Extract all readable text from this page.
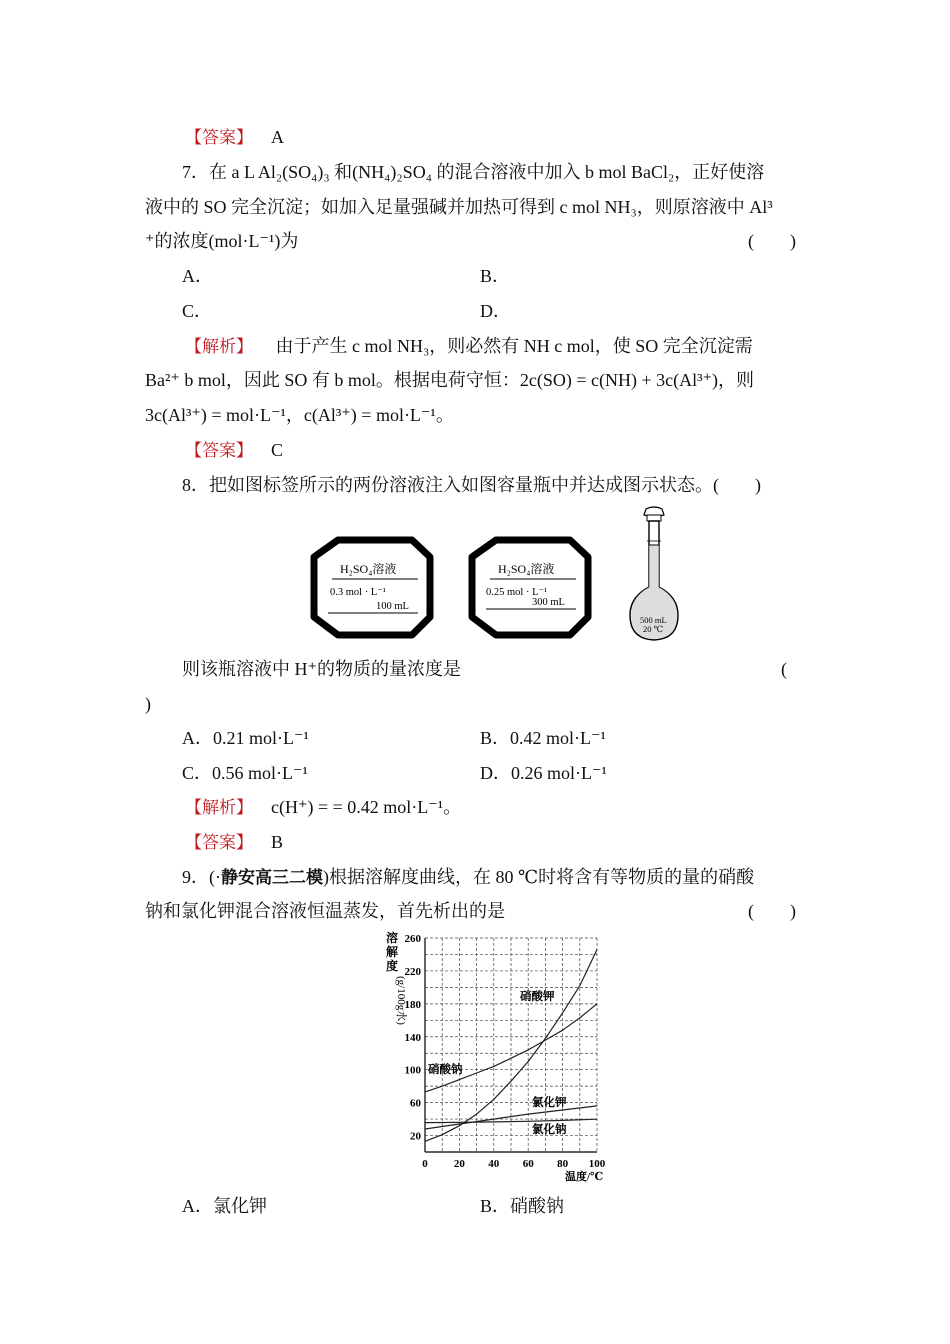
【答案】 A
7．在 a L Al₂(SO₄)₃ 和(NH₄)₂SO₄ 的混合溶液中加入 b mol BaCl₂，正好使溶
液中的 SO 完全沉淀；如加入足量强碱并加热可得到 c mol NH₃，则原溶液中 Al³
⁺的浓度(mol·L⁻¹)为	(　　)
A．	B．
C．	D．
【解析】 由于产生 c mol NH₃，则必然有 NH c mol，使 SO 完全沉淀需
Ba²⁺ b mol，因此 SO 有 b mol。根据电荷守恒：2c(SO) = c(NH) + 3c(Al³⁺)，则
3c(Al³⁺) = mol·L⁻¹，c(Al³⁺) = mol·L⁻¹。
【答案】 C
8．把如图标签所示的两份溶液注入如图容量瓶中并达成图示状态。(　　)
H₂SO₄溶液
0.3 mol · L⁻¹
100 mL
H₂SO₄溶液
0.25 mol · L⁻¹
300 mL
500 mL
20 ℃
则该瓶溶液中 H⁺的物质的量浓度是	(
)
A．0.21 mol·L⁻¹	B．0.42 mol·L⁻¹
C．0.56 mol·L⁻¹	D．0.26 mol·L⁻¹
【解析】 c(H⁺) = = 0.42 mol·L⁻¹。
【答案】 B
9．(·静安高三二模)根据溶解度曲线，在 80 ℃时将含有等物质的量的硝酸
钠和氯化钾混合溶液恒温蒸发，首先析出的是	(　　)
0 20 40 60 80 100
20
60
100
140
180
220
260
溶
解
度
(g/100g水)
温度/℃
硝酸钾
硝酸钠
氯化钾
氯化钠
A．氯化钾	B．硝酸钠
